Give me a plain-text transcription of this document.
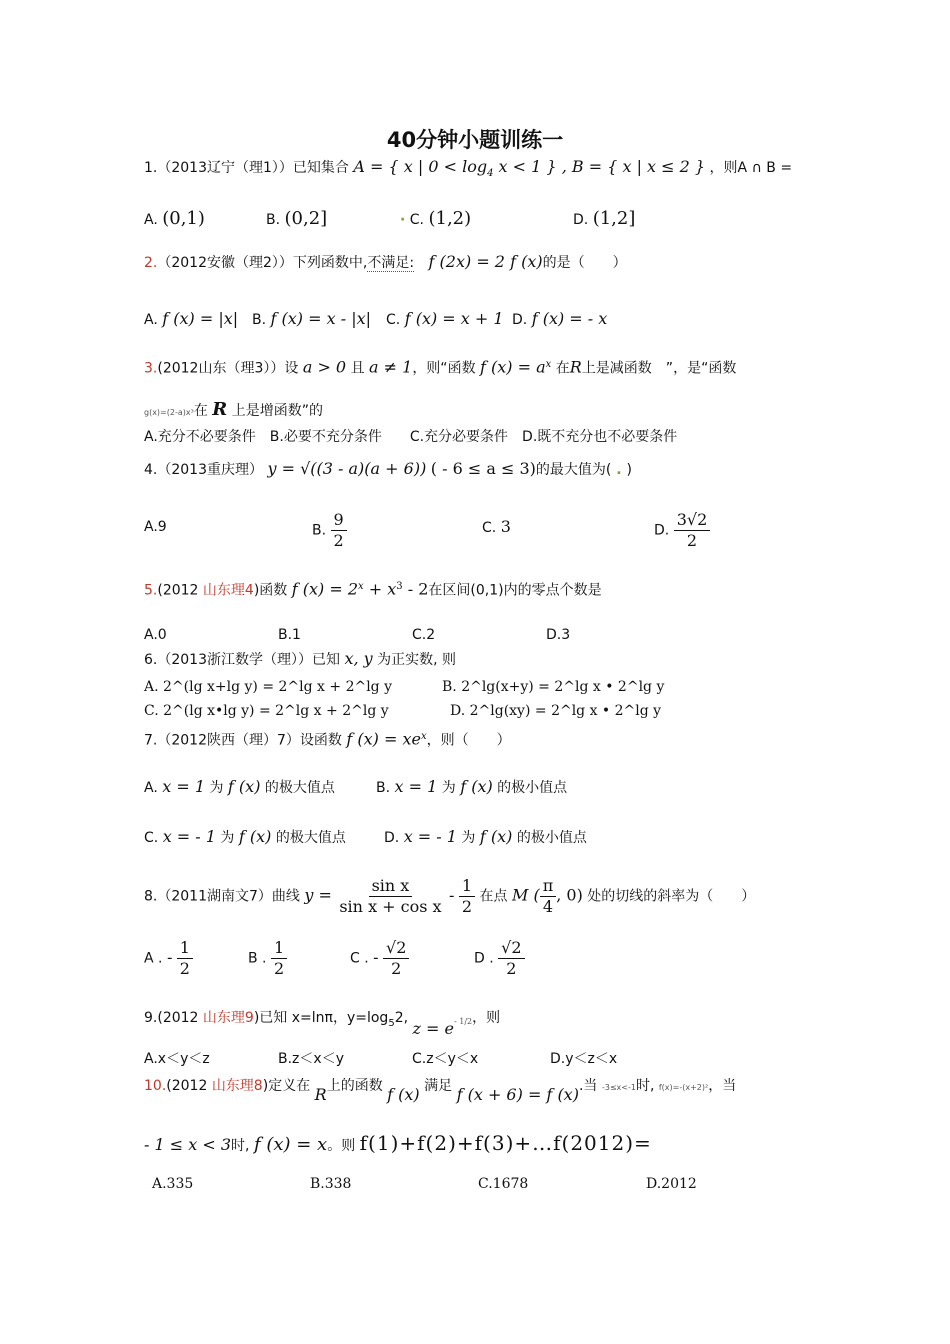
40分钟小题训练一
1.（2013辽宁（理1））已知集合 A = { x | $0 < \log_4 x < 1$ } , B = { x | x ≤ 2 } ，则A ∩ B =
A. (0,1)	B. (0,2]	· C. (1,2)	D. (1,2]
2.（2012安徽（理2））下列函数中,不满足: f (2x) = 2 f (x)的是（　　）
A. f (x) = |x| B. f (x) = x - |x| C. f (x) = x + 1 D. f (x) = - x
3.(2012山东（理3））设 a > 0 且 a ≠ 1，则“函数 f $(x) = a^x$ 在R上是减函数　”，是“函数
g(x)=(2-a)x³在 R 上是增函数”的
A.充分不必要条件　B.必要不充分条件　　C.充分必要条件　D.既不充分也不必要条件
4.（2013重庆理） y = √((3 - a)(a + 6)) ( - 6 ≤ a ≤ 3)的最大值为( . )
A.9	B. $\frac{9}{2}$	C. 3	D. $\frac{3√2}{2}$
5.(2012 山东理4)函数 f $(x) = 2^x + x^3 - 2$在区间(0,1)内的零点个数是
A.0	B.1	C.2	D.3
6.（2013浙江数学（理））已知 x, y 为正实数, 则
A. 2^(lg x+lg y) = 2^lg x + 2^lg y	B. 2^lg(x+y) = 2^lg x • 2^lg y
C. 2^(lg x•lg y) = 2^lg x + 2^lg y	D. 2^lg(xy) = 2^lg x • 2^lg y
7.（2012陕西（理）7）设函数 f $(x) = xe^x$，则（　　）
A. x = 1 为 f (x) 的极大值点	B. x = 1 为 f (x) 的极小值点
C. x = - 1 为 f (x) 的极大值点	D. x = - 1 为 f (x) 的极小值点
8.（2011湖南文7）曲线 $y = \frac{\text{sin x}}{\text{sin x + cos x}} - \frac{1}{2}$ 在点 M ( $\frac{\pi}{4}$ , 0) 处的切线的斜率为（　　）
A . - $\frac{1}{2}$	B . $\frac{1}{2}$	C . - $\frac{√2}{2}$	D . $\frac{√2}{2}$
9.(2012 山东理9)已知 x=lnπ，$y=\log_52$, z = e- 1/2，则
A.x＜y＜z	B.z＜x＜y	C.z＜y＜x	D.y＜z＜x
10.(2012 山东理8)定义在 R上的函数 f (x) 满足 f (x + 6) = f (x).当 -3≤x<-1时, f(x)=-(x+2)²，当
- 1 ≤ x < 3时, f (x) = x。则 f(1)+f(2)+f(3)+…f(2012)=
A.335	B.338	C.1678	D.2012
